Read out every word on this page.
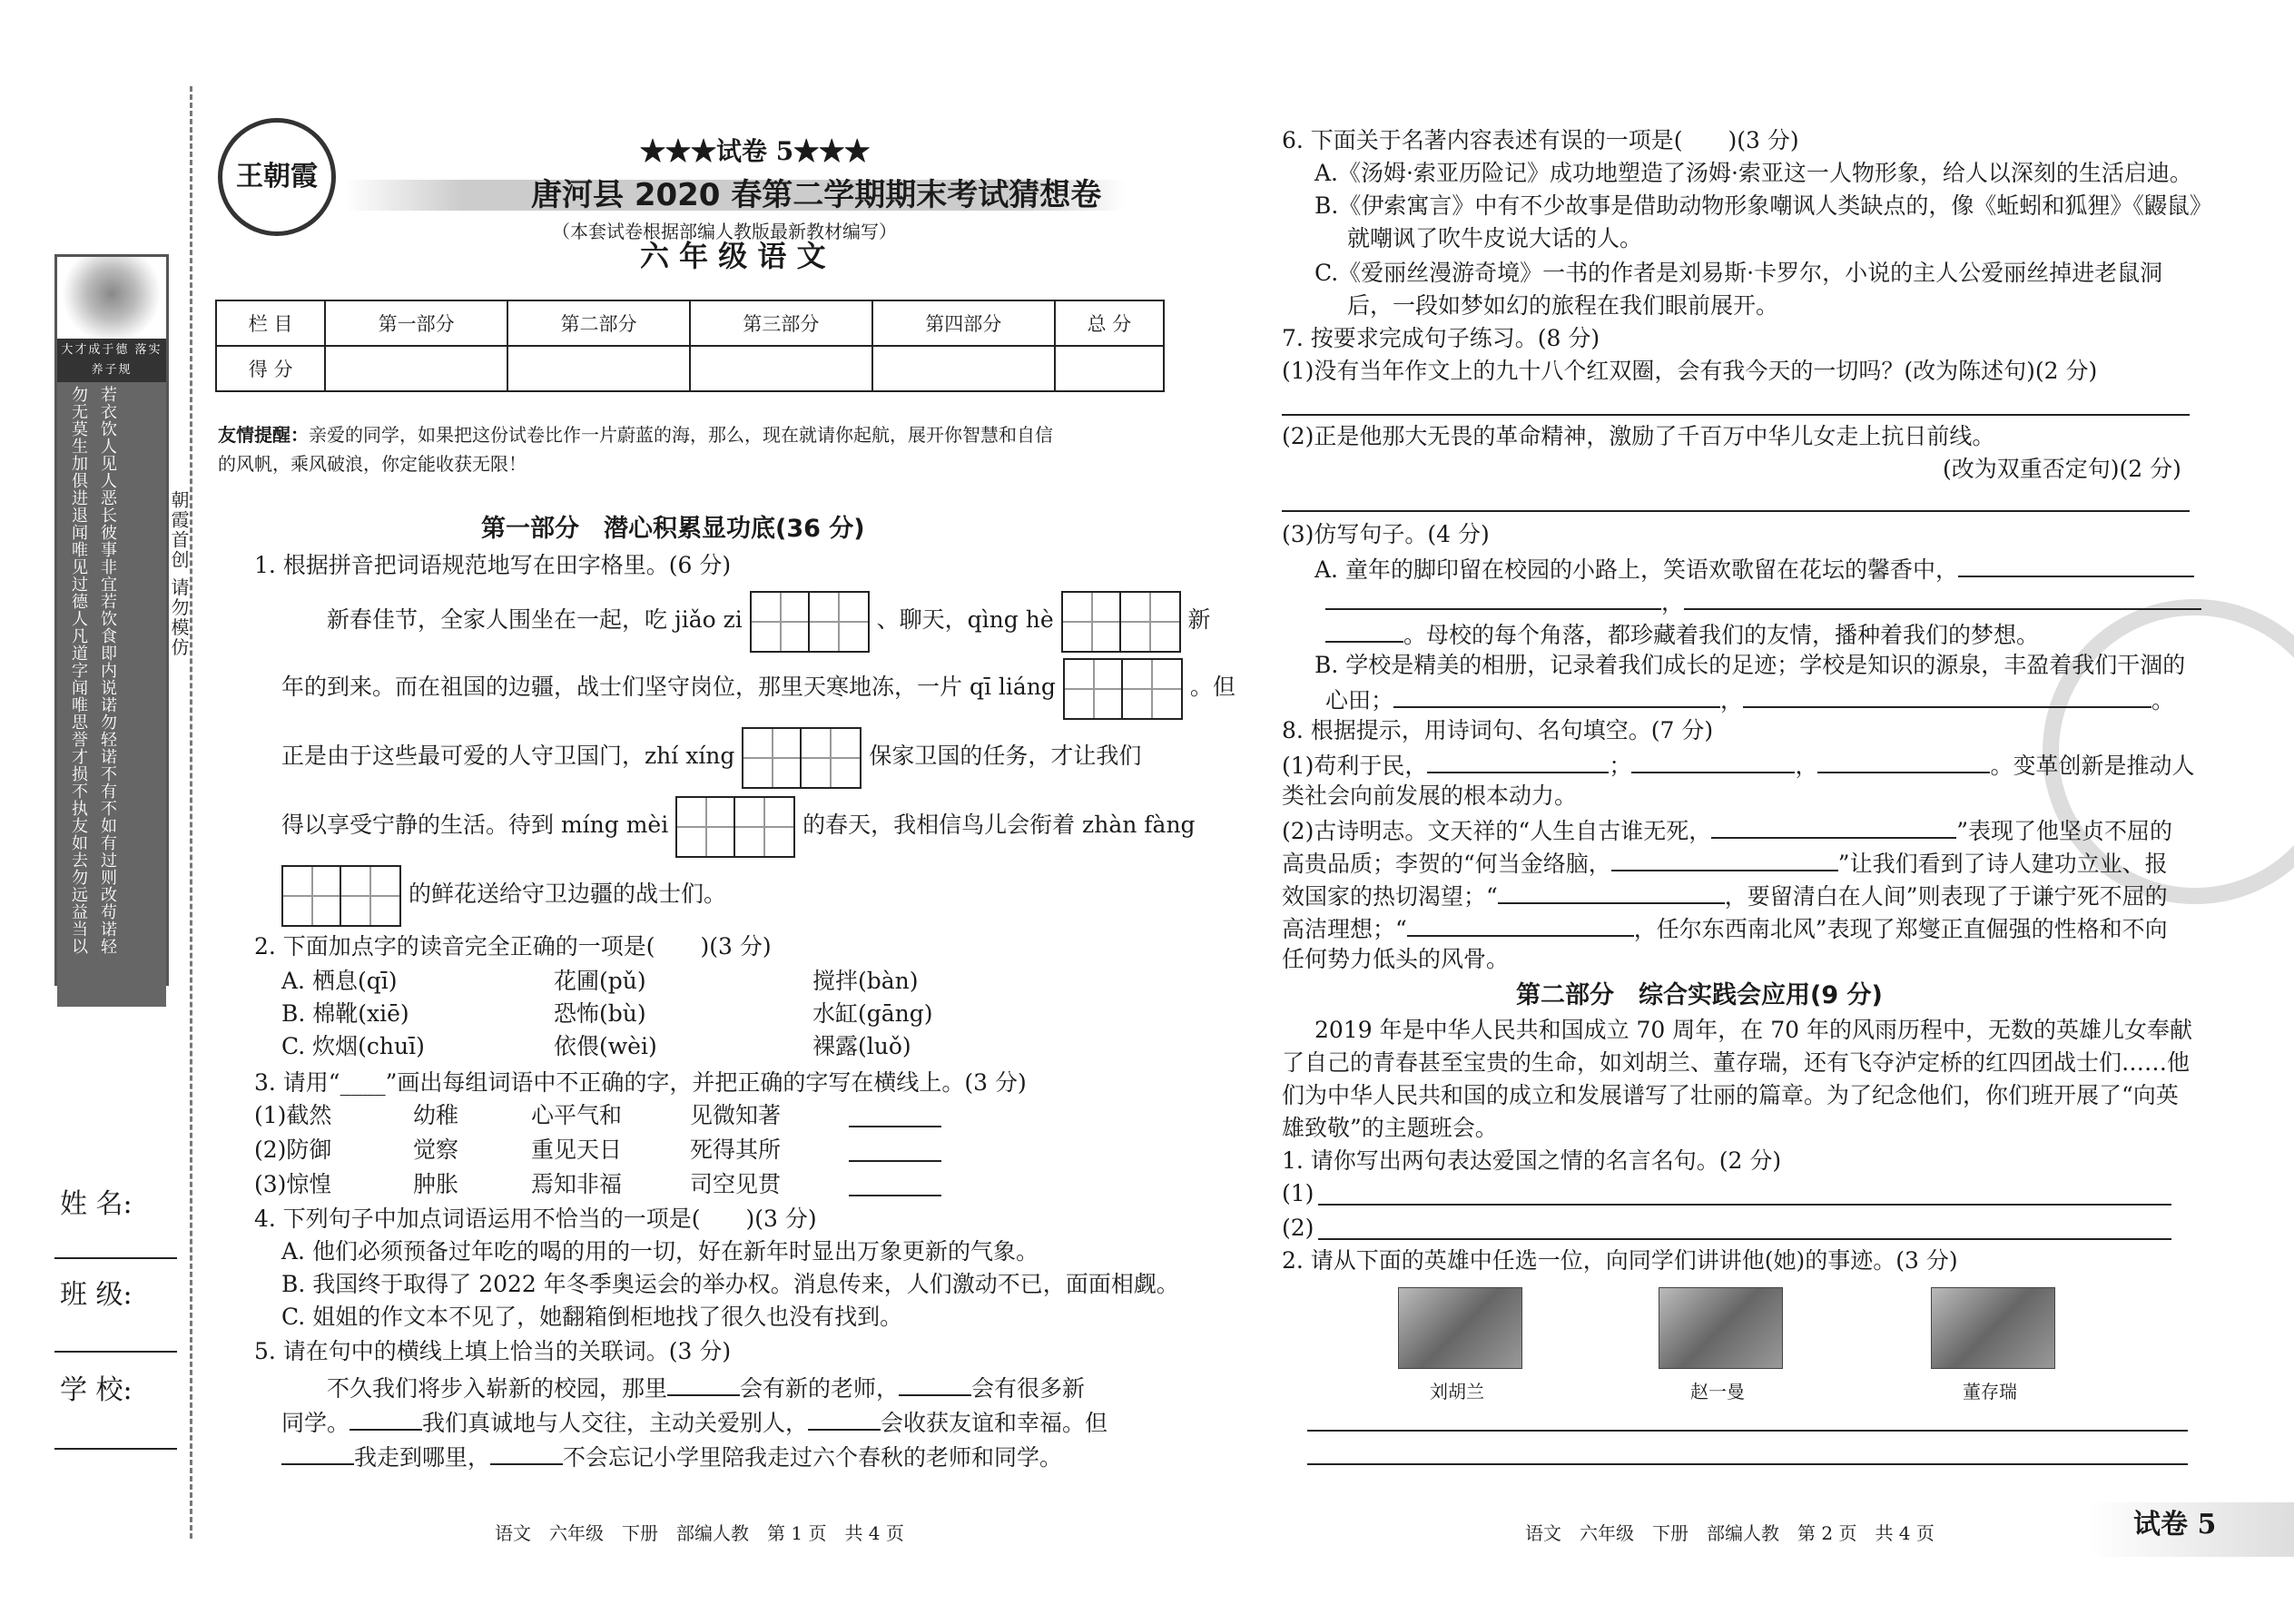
大才成于德 落实养子规
若衣饮人见人恶长彼事非宜
若饮食即内说诺勿轻诺
不有不如有过则改苟诺轻
勿无莫生加俱进退闻唯见
过德人凡道字闻唯思誉才
损不执友如去勿远益当以
朝霞首创 请勿模仿
姓 名:
班 级:
学 校:
王朝霞
★★★试卷 5★★★
唐河县 2020 春第二学期期末考试猜想卷
（本套试卷根据部编人教版最新教材编写）
六 年 级 语 文
栏 目	第一部分	第二部分	第三部分	第四部分	总 分
得 分					
友情提醒：亲爱的同学，如果把这份试卷比作一片蔚蓝的海，那么，现在就请你起航，展开你智慧和自信
的风帆，乘风破浪，你定能收获无限！
第一部分　潜心积累显功底(36 分)
1. 根据拼音把词语规范地写在田字格里。(6 分)
新春佳节，全家人围坐在一起，吃 jiǎo zi	、聊天，qìng hè	新
年的到来。而在祖国的边疆，战士们坚守岗位，那里天寒地冻，一片 qī liáng	。但
正是由于这些最可爱的人守卫国门，zhí xíng	保家卫国的任务，才让我们
得以享受宁静的生活。待到 míng mèi	的春天，我相信鸟儿会衔着 zhàn fàng
的鲜花送给守卫边疆的战士们。
2. 下面加点字的读音完全正确的一项是(　　)(3 分)
A. 栖息(qī)	花圃(pǔ)	搅拌(bàn)
B. 棉靴(xiē)	恐怖(bù)	水缸(gāng)
C. 炊烟(chuī)	依偎(wèi)	裸露(luǒ)
3. 请用“____”画出每组词语中不正确的字，并把正确的字写在横线上。(3 分)
(1)截然	幼稚	心平气和	见微知著
(2)防御	觉察	重见天日	死得其所
(3)惊惶	肿胀	焉知非福	司空见贯
4. 下列句子中加点词语运用不恰当的一项是(　　)(3 分)
A. 他们必须预备过年吃的喝的用的一切，好在新年时显出万象更新的气象。
B. 我国终于取得了 2022 年冬季奥运会的举办权。消息传来，人们激动不已，面面相觑。
C. 姐姐的作文本不见了，她翻箱倒柜地找了很久也没有找到。
5. 请在句中的横线上填上恰当的关联词。(3 分)
不久我们将步入崭新的校园，那里	会有新的老师，	会有很多新
同学。	我们真诚地与人交往，主动关爱别人，	会收获友谊和幸福。但
我走到哪里，	不会忘记小学里陪我走过六个春秋的老师和同学。
语文　六年级　下册　部编人教　第 1 页　共 4 页
6. 下面关于名著内容表述有误的一项是(　　)(3 分)
A.《汤姆·索亚历险记》成功地塑造了汤姆·索亚这一人物形象，给人以深刻的生活启迪。
B.《伊索寓言》中有不少故事是借助动物形象嘲讽人类缺点的，像《蚯蚓和狐狸》《鼹鼠》
就嘲讽了吹牛皮说大话的人。
C.《爱丽丝漫游奇境》一书的作者是刘易斯·卡罗尔，小说的主人公爱丽丝掉进老鼠洞
后，一段如梦如幻的旅程在我们眼前展开。
7. 按要求完成句子练习。(8 分)
(1)没有当年作文上的九十八个红双圈，会有我今天的一切吗？(改为陈述句)(2 分)
(2)正是他那大无畏的革命精神，激励了千百万中华儿女走上抗日前线。
(改为双重否定句)(2 分)
(3)仿写句子。(4 分)
A. 童年的脚印留在校园的小路上，笑语欢歌留在花坛的馨香中，
，
。母校的每个角落，都珍藏着我们的友情，播种着我们的梦想。
B. 学校是精美的相册，记录着我们成长的足迹；学校是知识的源泉，丰盈着我们干涸的
心田；	，	。
8. 根据提示，用诗词句、名句填空。(7 分)
(1)苟利于民，	；	，	。变革创新是推动人
类社会向前发展的根本动力。
(2)古诗明志。文天祥的“人生自古谁无死，	”表现了他坚贞不屈的
高贵品质；李贺的“何当金络脑，	”让我们看到了诗人建功立业、报
效国家的热切渴望；“	，要留清白在人间”则表现了于谦宁死不屈的
高洁理想；“	，任尔东西南北风”表现了郑燮正直倔强的性格和不向
任何势力低头的风骨。
第二部分　综合实践会应用(9 分)
2019 年是中华人民共和国成立 70 周年，在 70 年的风雨历程中，无数的英雄儿女奉献
了自己的青春甚至宝贵的生命，如刘胡兰、董存瑞，还有飞夺泸定桥的红四团战士们……他
们为中华人民共和国的成立和发展谱写了壮丽的篇章。为了纪念他们，你们班开展了“向英
雄致敬”的主题班会。
1. 请你写出两句表达爱国之情的名言名句。(2 分)
(1)
(2)
2. 请从下面的英雄中任选一位，向同学们讲讲他(她)的事迹。(3 分)
刘胡兰	赵一曼	董存瑞
语文　六年级　下册　部编人教　第 2 页　共 4 页	试卷 5
